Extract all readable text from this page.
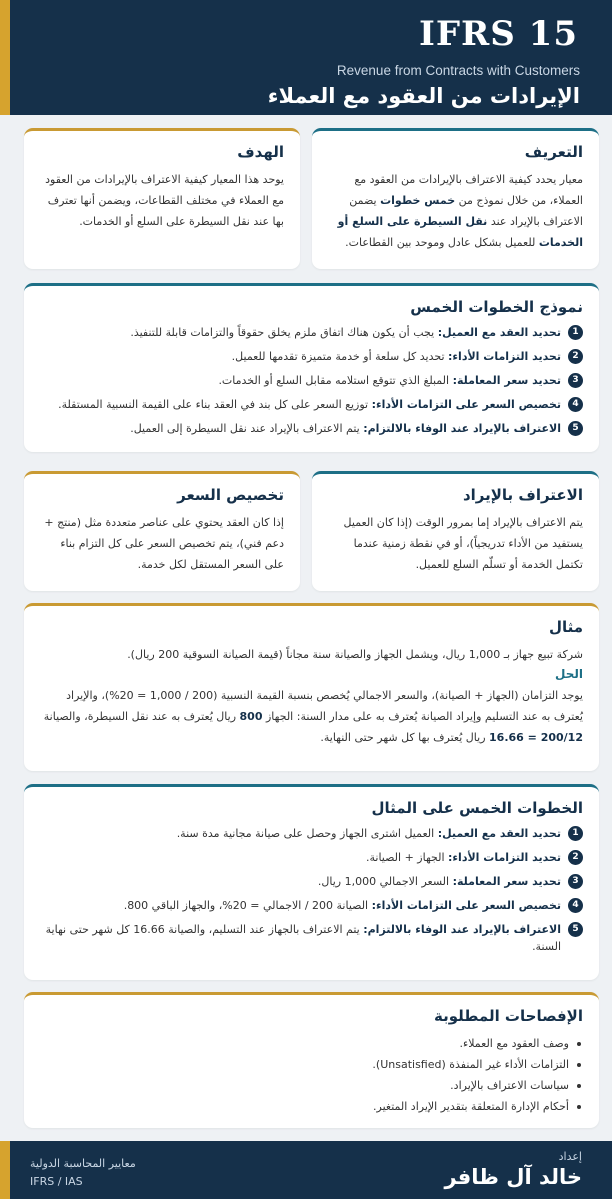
IFRS 15
Revenue from Contracts with Customers
الإيرادات من العقود مع العملاء
التعريف

معيار يحدد كيفية الاعتراف بالإيرادات من العقود مع العملاء، من خلال نموذج من خمس خطوات يضمن الاعتراف بالإيراد عند نقل السيطرة على السلع أو الخدمات للعميل بشكل عادل وموحد بين القطاعات.

الهدف

يوحد هذا المعيار كيفية الاعتراف بالإيرادات من العقود مع العملاء في مختلف القطاعات، ويضمن أنها تعترف بها عند نقل السيطرة على السلع أو الخدمات.

نموذج الخطوات الخمس
1
تحديد العقد مع العميل: يجب أن يكون هناك اتفاق ملزم يخلق حقوقاً والتزامات قابلة للتنفيذ.
2
تحديد التزامات الأداء: تحديد كل سلعة أو خدمة متميزة تقدمها للعميل.
3
تحديد سعر المعاملة: المبلغ الذي تتوقع استلامه مقابل السلع أو الخدمات.
4
تخصيص السعر على التزامات الأداء: توزيع السعر على كل بند في العقد بناء على القيمة النسبية المستقلة.
5
الاعتراف بالإيراد عند الوفاء بالالتزام: يتم الاعتراف بالإيراد عند نقل السيطرة إلى العميل.
الاعتراف بالإيراد

يتم الاعتراف بالإيراد إما بمرور الوقت (إذا كان العميل يستفيد من الأداء تدريجياً)، أو في نقطة زمنية عندما تكتمل الخدمة أو تسلّم السلع للعميل.

تخصيص السعر

إذا كان العقد يحتوي على عناصر متعددة مثل (منتج + دعم فني)، يتم تخصيص السعر على كل التزام بناء على السعر المستقل لكل خدمة.

مثال

شركة تبيع جهاز بـ 1,000 ريال، ويشمل الجهاز والصيانة سنة مجاناً (قيمة الصيانة السوقية 200 ريال).

الحل

يوجد التزامان (الجهاز + الصيانة)، والسعر الاجمالي يُخصص بنسبة القيمة النسبية (200 / 1,000 = 20%)، والإيراد يُعترف به عند التسليم وإيراد الصيانة يُعترف به على مدار السنة: الجهاز 800 ريال يُعترف به عند نقل السيطرة، والصيانة 200/12 = 16.66 ريال يُعترف بها كل شهر حتى النهاية.

الخطوات الخمس على المثال
1
تحديد العقد مع العميل: العميل اشترى الجهاز وحصل على صيانة مجانية مدة سنة.
2
تحديد التزامات الأداء: الجهاز + الصيانة.
3
تحديد سعر المعاملة: السعر الاجمالي 1,000 ريال.
4
تخصيص السعر على التزامات الأداء: الصيانة 200 / الاجمالي = 20%، والجهاز الباقي 800.
5
الاعتراف بالإيراد عند الوفاء بالالتزام: يتم الاعتراف بالجهاز عند التسليم، والصيانة 16.66 كل شهر حتى نهاية السنة.
الإفصاحات المطلوبة
وصف العقود مع العملاء.
التزامات الأداء غير المنفذة (Unsatisfied).
سياسات الاعتراف بالإيراد.
أحكام الإدارة المتعلقة بتقدير الإيراد المتغير.
إعداد
خالد آل ظافر
معايير المحاسبة الدولية
IFRS / IAS
